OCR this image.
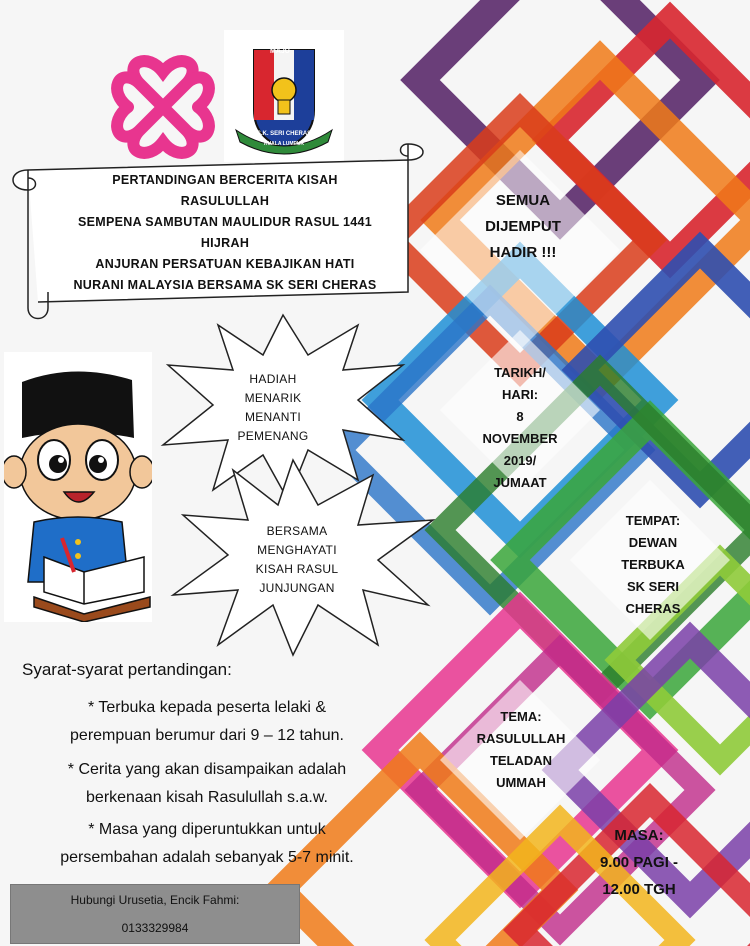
MAJU
S.K. SERI CHERAS
KUALA LUMPUR
PERTANDINGAN BERCERITA KISAH
RASULULLAH
SEMPENA SAMBUTAN MAULIDUR RASUL 1441
HIJRAH
ANJURAN PERSATUAN KEBAJIKAN HATI
NURANI MALAYSIA BERSAMA SK SERI CHERAS
HADIAH
MENARIK
MENANTI
PEMENANG
BERSAMA
MENGHAYATI
KISAH RASUL
JUNJUNGAN
SEMUA
DIJEMPUT
HADIR !!!
TARIKH/
HARI:
8
NOVEMBER
2019/
JUMAAT
TEMPAT:
DEWAN
TERBUKA
SK SERI
CHERAS
TEMA:
RASULULLAH
TELADAN
UMMAH
MASA:
9.00 PAGI -
12.00 TGH
Syarat-syarat pertandingan:
* Terbuka kepada peserta lelaki &
perempuan berumur dari 9 – 12 tahun.
* Cerita yang akan disampaikan adalah
berkenaan kisah Rasulullah s.a.w.
* Masa yang diperuntukkan untuk
persembahan adalah sebanyak 5-7 minit.
Hubungi Urusetia, Encik Fahmi:
0133329984
